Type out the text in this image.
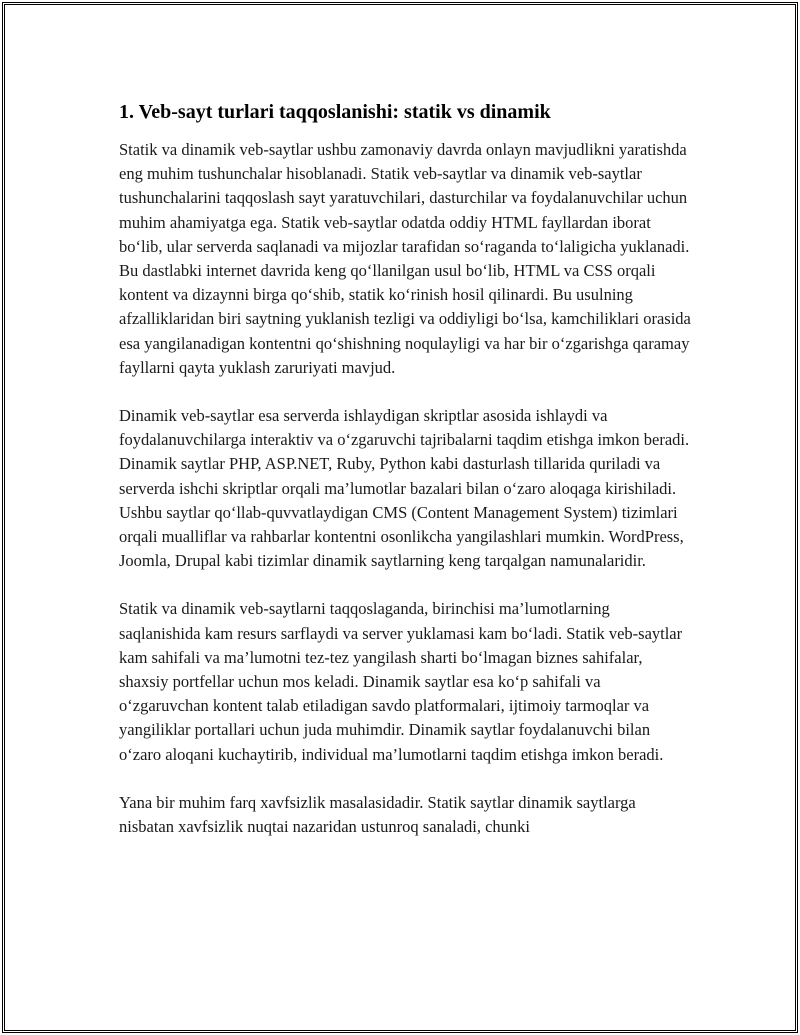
1. Veb-sayt turlari taqqoslanishi: statik vs dinamik

Statik va dinamik veb-saytlar ushbu zamonaviy davrda onlayn mavjudlikni yaratishda eng muhim tushunchalar hisoblanadi. Statik veb-saytlar va dinamik veb-saytlar tushunchalarini taqqoslash sayt yaratuvchilari, dasturchilar va foydalanuvchilar uchun muhim ahamiyatga ega. Statik veb-saytlar odatda oddiy HTML fayllardan iborat bo‘lib, ular serverda saqlanadi va mijozlar tarafidan so‘raganda to‘laligicha yuklanadi. Bu dastlabki internet davrida keng qo‘llanilgan usul bo‘lib, HTML va CSS orqali kontent va dizaynni birga qo‘shib, statik ko‘rinish hosil qilinardi. Bu usulning afzalliklaridan biri saytning yuklanish tezligi va oddiyligi bo‘lsa, kamchiliklari orasida esa yangilanadigan kontentni qo‘shishning noqulayligi va har bir o‘zgarishga qaramay fayllarni qayta yuklash zaruriyati mavjud.

Dinamik veb-saytlar esa serverda ishlaydigan skriptlar asosida ishlaydi va foydalanuvchilarga interaktiv va o‘zgaruvchi tajribalarni taqdim etishga imkon beradi. Dinamik saytlar PHP, ASP.NET, Ruby, Python kabi dasturlash tillarida quriladi va serverda ishchi skriptlar orqali ma’lumotlar bazalari bilan o‘zaro aloqaga kirishiladi. Ushbu saytlar qo‘llab-quvvatlaydigan CMS (Content Management System) tizimlari orqali mualliflar va rahbarlar kontentni osonlikcha yangilashlari mumkin. WordPress, Joomla, Drupal kabi tizimlar dinamik saytlarning keng tarqalgan namunalaridir.

Statik va dinamik veb-saytlarni taqqoslaganda, birinchisi ma’lumotlarning saqlanishida kam resurs sarflaydi va server yuklamasi kam bo‘ladi. Statik veb-saytlar kam sahifali va ma’lumotni tez-tez yangilash sharti bo‘lmagan biznes sahifalar, shaxsiy portfellar uchun mos keladi. Dinamik saytlar esa ko‘p sahifali va o‘zgaruvchan kontent talab etiladigan savdo platformalari, ijtimoiy tarmoqlar va yangiliklar portallari uchun juda muhimdir. Dinamik saytlar foydalanuvchi bilan o‘zaro aloqani kuchaytirib, individual ma’lumotlarni taqdim etishga imkon beradi.

Yana bir muhim farq xavfsizlik masalasidadir. Statik saytlar dinamik saytlarga nisbatan xavfsizlik nuqtai nazaridan ustunroq sanaladi, chunki
